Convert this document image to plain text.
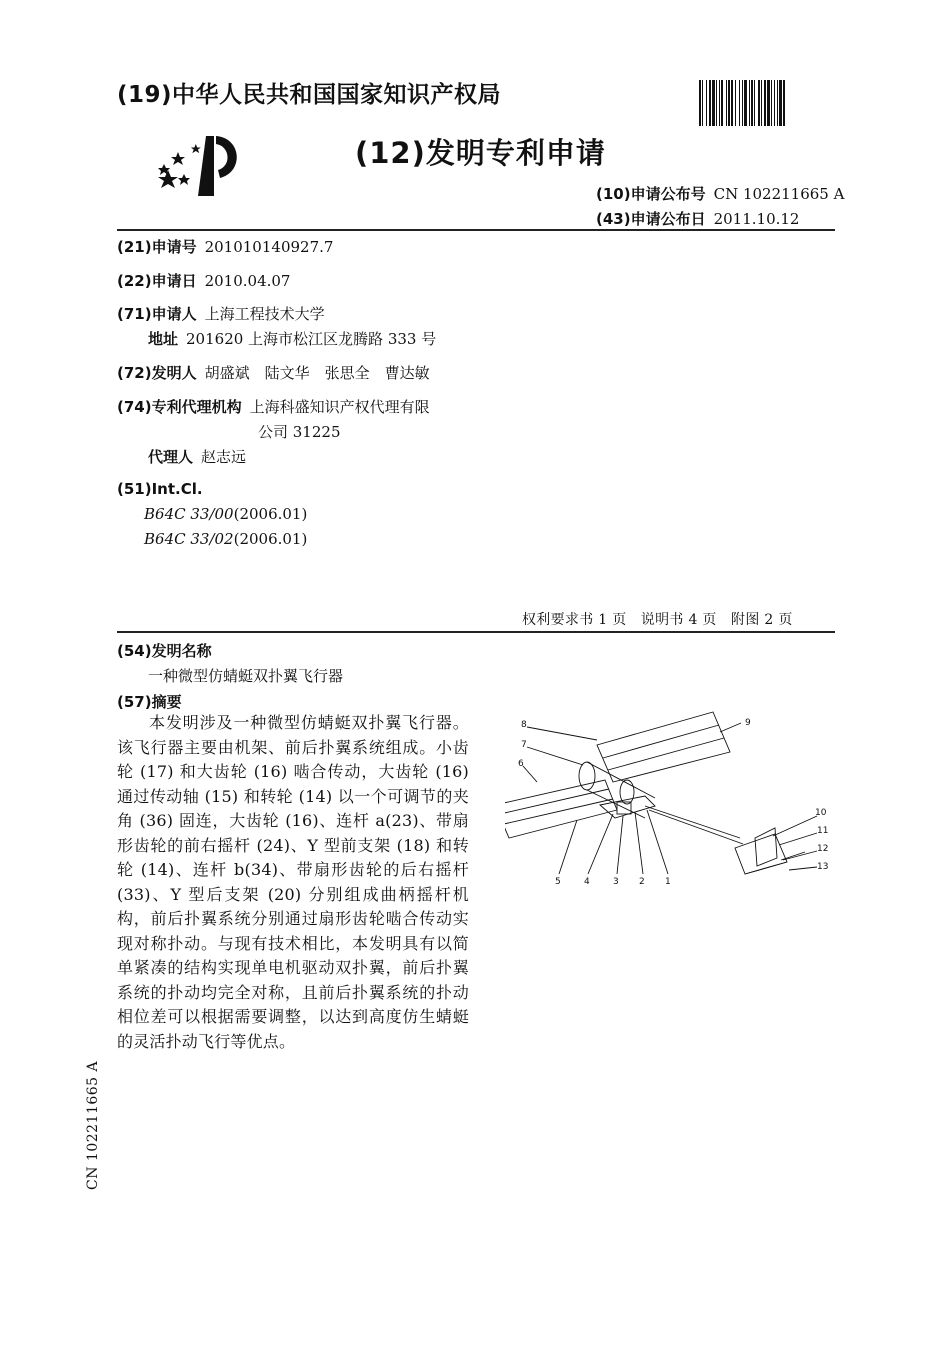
(19)中华人民共和国国家知识产权局
(12)发明专利申请
(10)申请公布号 CN 102211665 A
(43)申请公布日 2011.10.12
(21)申请号 201010140927.7
(22)申请日 2010.04.07
(71)申请人 上海工程技术大学
地址 201620 上海市松江区龙腾路 333 号
(72)发明人 胡盛斌　陆文华　张思全　曹达敏
(74)专利代理机构 上海科盛知识产权代理有限
公司 31225
代理人 赵志远
(51)Int.Cl.
B64C 33/00(2006.01)
B64C 33/02(2006.01)
权利要求书 1 页　说明书 4 页　附图 2 页
(54)发明名称
一种微型仿蜻蜓双扑翼飞行器
(57)摘要
本发明涉及一种微型仿蜻蜓双扑翼飞行器。该飞行器主要由机架、前后扑翼系统组成。小齿轮 (17) 和大齿轮 (16) 啮合传动，大齿轮 (16) 通过传动轴 (15) 和转轮 (14) 以一个可调节的夹角 (36) 固连，大齿轮 (16)、连杆 a(23)、带扇形齿轮的前右摇杆 (24)、Y 型前支架 (18) 和转轮 (14)、连杆 b(34)、带扇形齿轮的后右摇杆 (33)、Y 型后支架 (20) 分别组成曲柄摇杆机构，前后扑翼系统分别通过扇形齿轮啮合传动实现对称扑动。与现有技术相比，本发明具有以简单紧凑的结构实现单电机驱动双扑翼，前后扑翼系统的扑动均完全对称，且前后扑翼系统的扑动相位差可以根据需要调整，以达到高度仿生蜻蜓的灵活扑动飞行等优点。
8
7
6
9
10
11
12
13
5	4	3 2 1
CN 102211665 A
